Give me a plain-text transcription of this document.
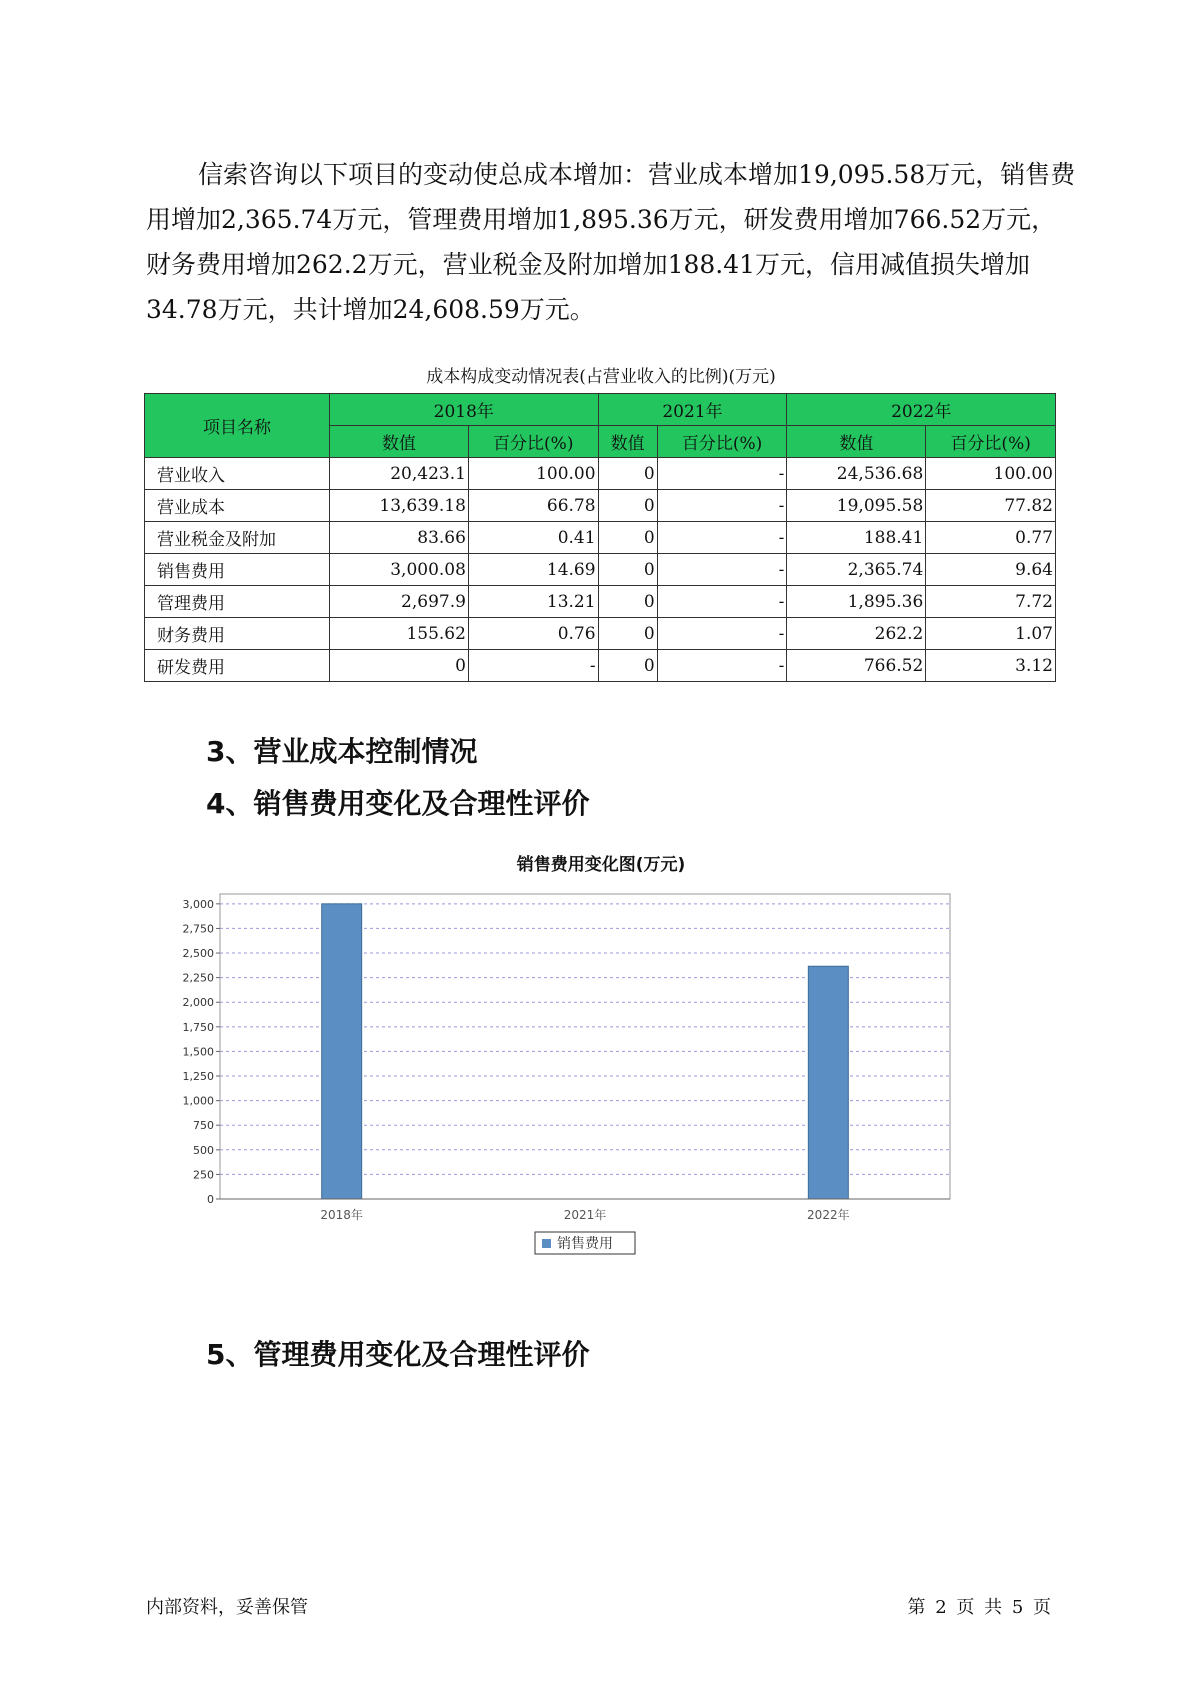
信索咨询以下项目的变动使总成本增加：营业成本增加19,095.58万元，销售费用增加2,365.74万元，管理费用增加1,895.36万元，研发费用增加766.52万元，财务费用增加262.2万元，营业税金及附加增加188.41万元，信用减值损失增加34.78万元，共计增加24,608.59万元。

成本构成变动情况表(占营业收入的比例)(万元)
项目名称	2018年		2021年		2022年	
	数值	百分比(%)	数值	百分比(%)	数值	百分比(%)
营业收入	20,423.1	100.00	0	-	24,536.68	100.00
营业成本	13,639.18	66.78	0	-	19,095.58	77.82
营业税金及附加	83.66	0.41	0	-	188.41	0.77
销售费用	3,000.08	14.69	0	-	2,365.74	9.64
管理费用	2,697.9	13.21	0	-	1,895.36	7.72
财务费用	155.62	0.76	0	-	262.2	1.07
研发费用	0	-	0	-	766.52	3.12
3、营业成本控制情况
4、销售费用变化及合理性评价
销售费用变化图(万元)
0
250
500
750
1,000
1,250
1,500
1,750
2,000
2,250
2,500
2,750
3,000
2018年	2021年	2022年
销售费用
5、管理费用变化及合理性评价
内部资料，妥善保管	第 2 页 共 5 页
